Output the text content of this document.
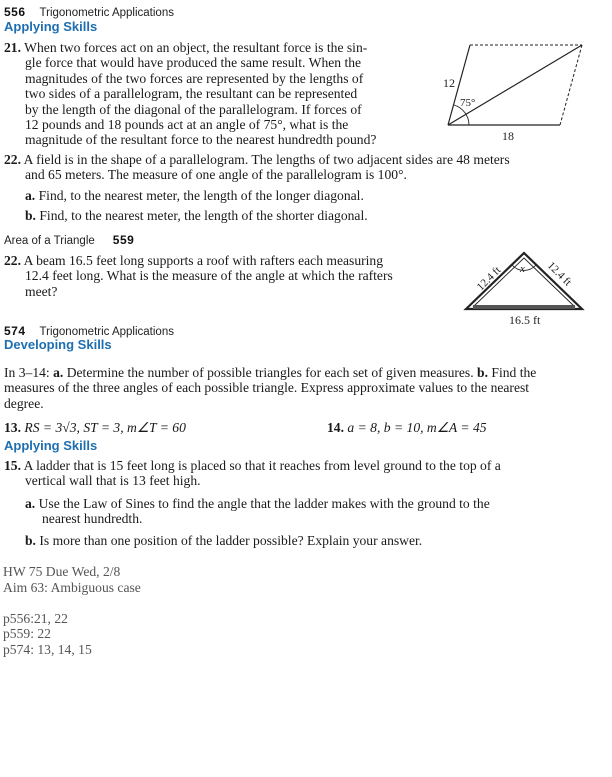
556 Trigonometric Applications
Applying Skills
21. When two forces act on an object, the resultant force is the sin-
gle force that would have produced the same result. When the
magnitudes of the two forces are represented by the lengths of
two sides of a parallelogram, the resultant can be represented
by the length of the diagonal of the parallelogram. If forces of
12 pounds and 18 pounds act at an angle of 75°, what is the
magnitude of the resultant force to the nearest hundredth pound?
12
75°
18
22. A field is in the shape of a parallelogram. The lengths of two adjacent sides are 48 meters
and 65 meters. The measure of one angle of the parallelogram is 100°.
a. Find, to the nearest meter, the length of the longer diagonal.
b. Find, to the nearest meter, the length of the shorter diagonal.
Area of a Triangle 559
22. A beam 16.5 feet long supports a roof with rafters each measuring
12.4 feet long. What is the measure of the angle at which the rafters
meet?
x
12.4 ft	12.4 ft
16.5 ft
574 Trigonometric Applications
Developing Skills
In 3–14: a. Determine the number of possible triangles for each set of given measures. b. Find the
measures of the three angles of each possible triangle. Express approximate values to the nearest
degree.
13. RS = 3√3, ST = 3, m∠T = 60	14. a = 8, b = 10, m∠A = 45
Applying Skills
15. A ladder that is 15 feet long is placed so that it reaches from level ground to the top of a
vertical wall that is 13 feet high.
a. Use the Law of Sines to find the angle that the ladder makes with the ground to the
nearest hundredth.
b. Is more than one position of the ladder possible? Explain your answer.
HW 75 Due Wed, 2/8
Aim 63: Ambiguous case
p556:21, 22
p559: 22
p574: 13, 14, 15
